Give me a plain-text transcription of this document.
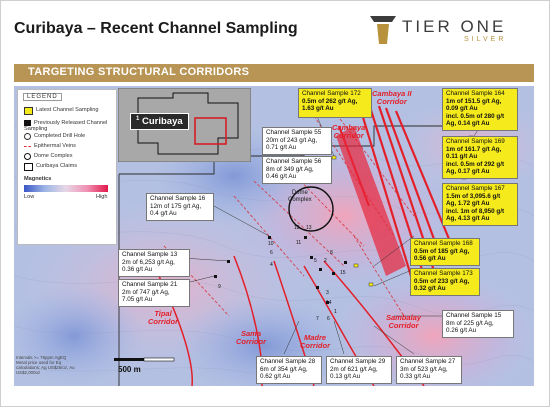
Curibaya – Recent Channel Sampling	TIER ONE
SILVER
TARGETING STRUCTURAL CORRIDORS
LEGEND
Latest Channel Sampling
Previously Released Channel Sampling
Completed Drill Hole
Epithermal Veins
Dome Complex
Curibaya Claims
Magnetics
Low	High
$^1$ Curibaya
Channel Sample 172
0.5m of 262 g/t Ag,
1.63 g/t Au
Channel Sample 164
1m of 151.5 g/t Ag,
0.09 g/t Au
incl. 0.5m of 280 g/t
Ag, 0.14 g/t Au
Channel Sample 169
1m of 161.7 g/t Ag,
0.11 g/t Au
incl. 0.5m of 292 g/t
Ag, 0.17 g/t Au
Channel Sample 167
1.5m of 3,095.6 g/t
Ag, 1.72 g/t Au
incl. 1m of 8,950 g/t
Ag, 4.13 g/t Au
Channel Sample 55
20m of 243 g/t Ag,
0.71 g/t Au
Channel Sample 56
8m of 349 g/t Ag,
0.46 g/t Au
Channel Sample 16
12m of 175 g/t Ag,
0.4 g/t Au
Channel Sample 13
2m of 6,253 g/t Ag,
0.36 g/t Au
Channel Sample 21
2m of 747 g/t Ag,
7.05 g/t Au
Channel Sample 168
0.5m of 185 g/t Ag,
0.56 g/t Au
Channel Sample 173
0.5m of 233 g/t Ag,
0.32 g/t Au
Channel Sample 15
8m of 225 g/t Ag,
0.26 g/t Au
Channel Sample 28
6m of 354 g/t Ag,
0.62 g/t Au
Channel Sample 29
2m of 621 g/t Ag,
0.13 g/t Au
Channel Sample 27
3m of 523 g/t Ag,
0.33 g/t Au
Cambaya II
Corridor
Cambaya
Corridor
Tipal
Corridor
Sama
Corridor	Madre
Corridor
Sambalay
Corridor
Dome
Complex
12 13
11
10
6
4
5 2
8
9
15
14
3
1
7 6
500 m
Intervals >= 75ppm AgEQ
Metal price used for Eq
calculations: Ag US$25/oz, Au
US$2,000oz
